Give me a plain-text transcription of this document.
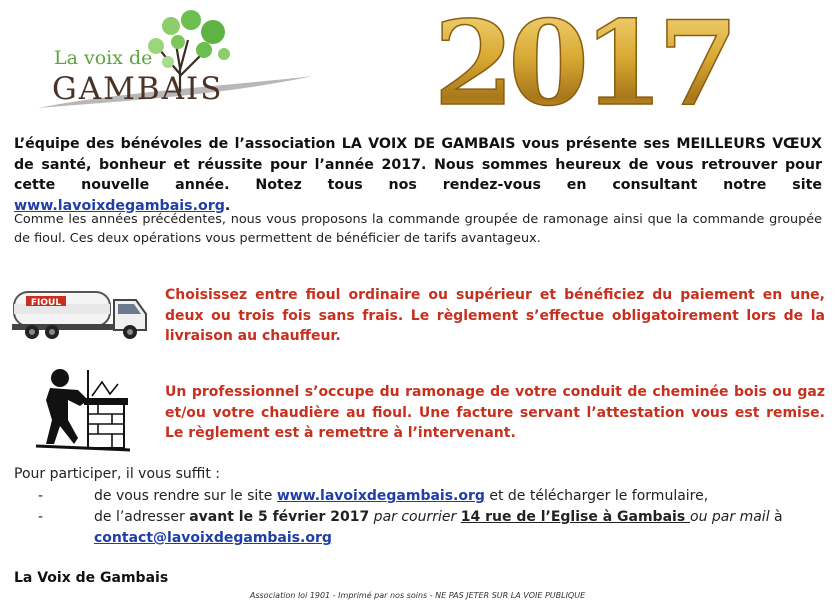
La voix de
GAMBAIS 2017
L’équipe des bénévoles de l’association LA VOIX DE GAMBAIS vous présente ses MEILLEURS VŒUX de santé, bonheur et réussite pour l’année 2017. Nous sommes heureux de vous retrouver pour cette nouvelle année. Notez tous nos rendez-vous en consultant notre site www.lavoixdegambais.org.
Comme les années précédentes, nous vous proposons la commande groupée de ramonage ainsi que la commande groupée de fioul. Ces deux opérations vous permettent de bénéficier de tarifs avantageux.
FIOUL	Choisissez entre fioul ordinaire ou supérieur et bénéficiez du paiement en une, deux ou trois fois sans frais. Le règlement s’effectue obligatoirement lors de la livraison au chauffeur.
Un professionnel s’occupe du ramonage de votre conduit de cheminée bois ou gaz et/ou votre chaudière au fioul. Une facture servant l’attestation vous est remise. Le règlement est à remettre à l’intervenant.
Pour participer, il vous suffit :
-	de vous rendre sur le site www.lavoixdegambais.org et de télécharger le formulaire,
-	de l’adresser avant le 5 février 2017 par courrier 14 rue de l’Eglise à Gambais ou par mail à
contact@lavoixdegambais.org
La Voix de Gambais
Association loi 1901 - Imprimé par nos soins - NE PAS JETER SUR LA VOIE PUBLIQUE
